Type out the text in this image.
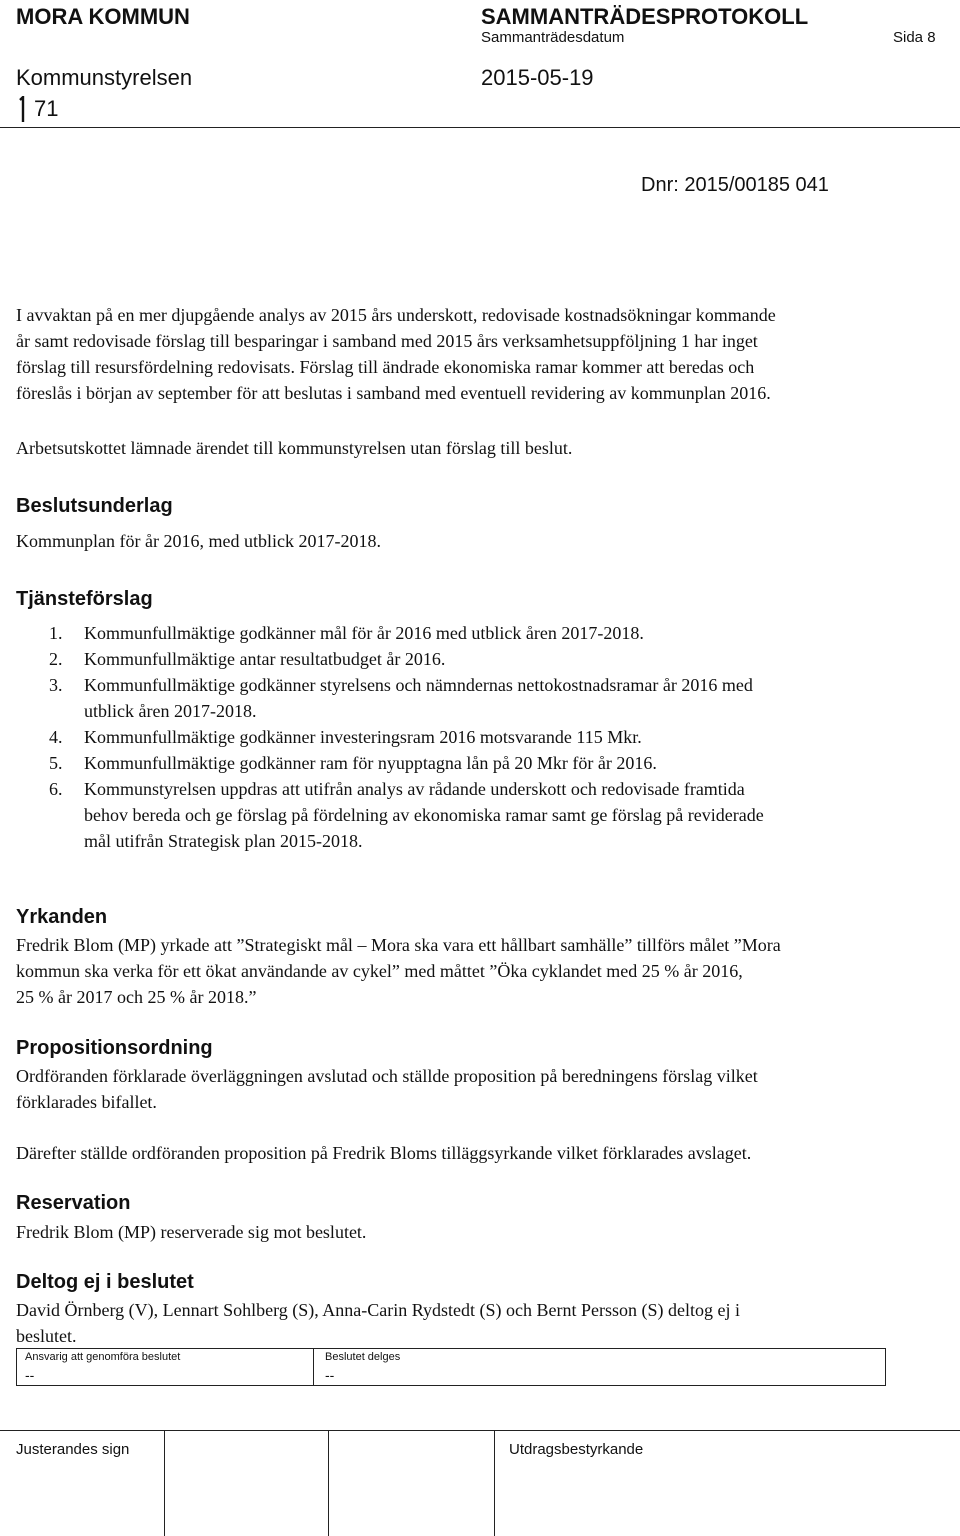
MORA KOMMUN	SAMMANTRÄDESPROTOKOLL
Sammanträdesdatum	Sida 8
Kommunstyrelsen	2015-05-19
71
Dnr: 2015/00185 041
I avvaktan på en mer djupgående analys av 2015 års underskott, redovisade kostnadsökningar kommande
år samt redovisade förslag till besparingar i samband med 2015 års verksamhetsuppföljning 1 har inget
förslag till resursfördelning redovisats. Förslag till ändrade ekonomiska ramar kommer att beredas och
föreslås i början av september för att beslutas i samband med eventuell revidering av kommunplan 2016.
Arbetsutskottet lämnade ärendet till kommunstyrelsen utan förslag till beslut.
Beslutsunderlag
Kommunplan för år 2016, med utblick 2017-2018.
Tjänsteförslag
1. Kommunfullmäktige godkänner mål för år 2016 med utblick åren 2017-2018.
2. Kommunfullmäktige antar resultatbudget år 2016.
3. Kommunfullmäktige godkänner styrelsens och nämndernas nettokostnadsramar år 2016 med
utblick åren 2017-2018.
4. Kommunfullmäktige godkänner investeringsram 2016 motsvarande 115 Mkr.
5. Kommunfullmäktige godkänner ram för nyupptagna lån på 20 Mkr för år 2016.
6. Kommunstyrelsen uppdras att utifrån analys av rådande underskott och redovisade framtida
behov bereda och ge förslag på fördelning av ekonomiska ramar samt ge förslag på reviderade
mål utifrån Strategisk plan 2015-2018.
Yrkanden
Fredrik Blom (MP) yrkade att ”Strategiskt mål – Mora ska vara ett hållbart samhälle” tillförs målet ”Mora
kommun ska verka för ett ökat användande av cykel” med måttet ”Öka cyklandet med 25 % år 2016,
25 % år 2017 och 25 % år 2018.”
Propositionsordning
Ordföranden förklarade överläggningen avslutad och ställde proposition på beredningens förslag vilket
förklarades bifallet.
Därefter ställde ordföranden proposition på Fredrik Bloms tilläggsyrkande vilket förklarades avslaget.
Reservation
Fredrik Blom (MP) reserverade sig mot beslutet.
Deltog ej i beslutet
David Örnberg (V), Lennart Sohlberg (S), Anna-Carin Rydstedt (S) och Bernt Persson (S) deltog ej i
beslutet.
Ansvarig att genomföra beslutet
--
Beslutet delges
--
Justerandes sign	Utdragsbestyrkande
